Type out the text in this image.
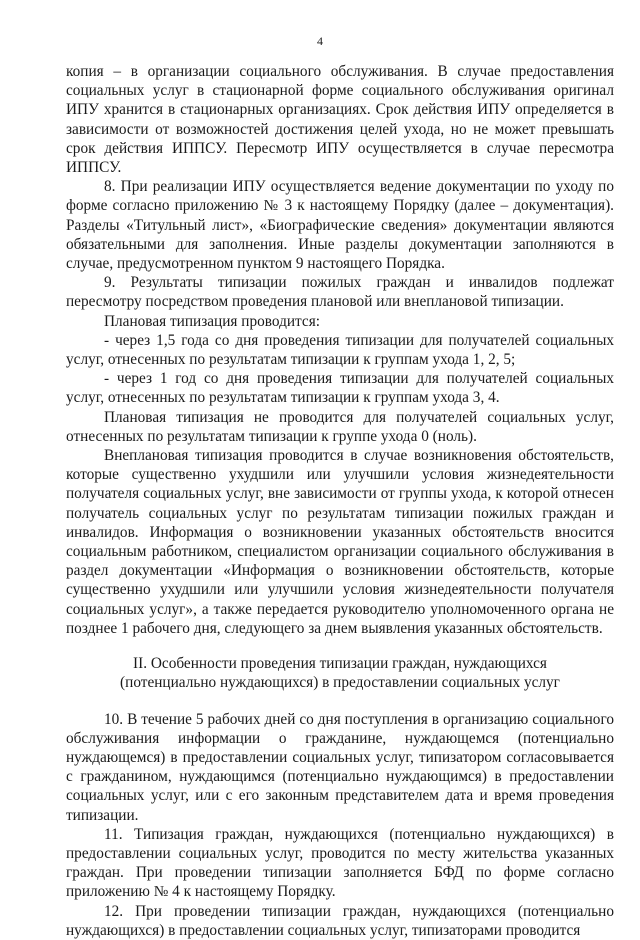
4

копия – в организации социального обслуживания. В случае предоставления социальных услуг в стационарной форме социального обслуживания оригинал ИПУ хранится в стационарных организациях. Срок действия ИПУ определяется в зависимости от возможностей достижения целей ухода, но не может превышать срок действия ИППСУ. Пересмотр ИПУ осуществляется в случае пересмотра ИППСУ.

8. При реализации ИПУ осуществляется ведение документации по уходу по форме согласно приложению № 3 к настоящему Порядку (далее – документация). Разделы «Титульный лист», «Биографические сведения» документации являются обязательными для заполнения. Иные разделы документации заполняются в случае, предусмотренном пунктом 9 настоящего Порядка.

9. Результаты типизации пожилых граждан и инвалидов подлежат пересмотру посредством проведения плановой или внеплановой типизации.

Плановая типизация проводится:

- через 1,5 года со дня проведения типизации для получателей социальных услуг, отнесенных по результатам типизации к группам ухода 1, 2, 5;

- через 1 год со дня проведения типизации для получателей социальных услуг, отнесенных по результатам типизации к группам ухода 3, 4.

Плановая типизация не проводится для получателей социальных услуг, отнесенных по результатам типизации к группе ухода 0 (ноль).

Внеплановая типизация проводится в случае возникновения обстоятельств, которые существенно ухудшили или улучшили условия жизнедеятельности получателя социальных услуг, вне зависимости от группы ухода, к которой отнесен получатель социальных услуг по результатам типизации пожилых граждан и инвалидов. Информация о возникновении указанных обстоятельств вносится социальным работником, специалистом организации социального обслуживания в раздел документации «Информация о возникновении обстоятельств, которые существенно ухудшили или улучшили условия жизнедеятельности получателя социальных услуг», а также передается руководителю уполномоченного органа не позднее 1 рабочего дня, следующего за днем выявления указанных обстоятельств.

II. Особенности проведения типизации граждан, нуждающихся
(потенциально нуждающихся) в предоставлении социальных услуг

10. В течение 5 рабочих дней со дня поступления в организацию социального обслуживания информации о гражданине, нуждающемся (потенциально нуждающемся) в предоставлении социальных услуг, типизатором согласовывается с гражданином, нуждающимся (потенциально нуждающимся) в предоставлении социальных услуг, или с его законным представителем дата и время проведения типизации.

11. Типизация граждан, нуждающихся (потенциально нуждающихся) в предоставлении социальных услуг, проводится по месту жительства указанных граждан. При проведении типизации заполняется БФД по форме согласно приложению № 4 к настоящему Порядку.

12. При проведении типизации граждан, нуждающихся (потенциально нуждающихся) в предоставлении социальных услуг, типизаторами проводится
